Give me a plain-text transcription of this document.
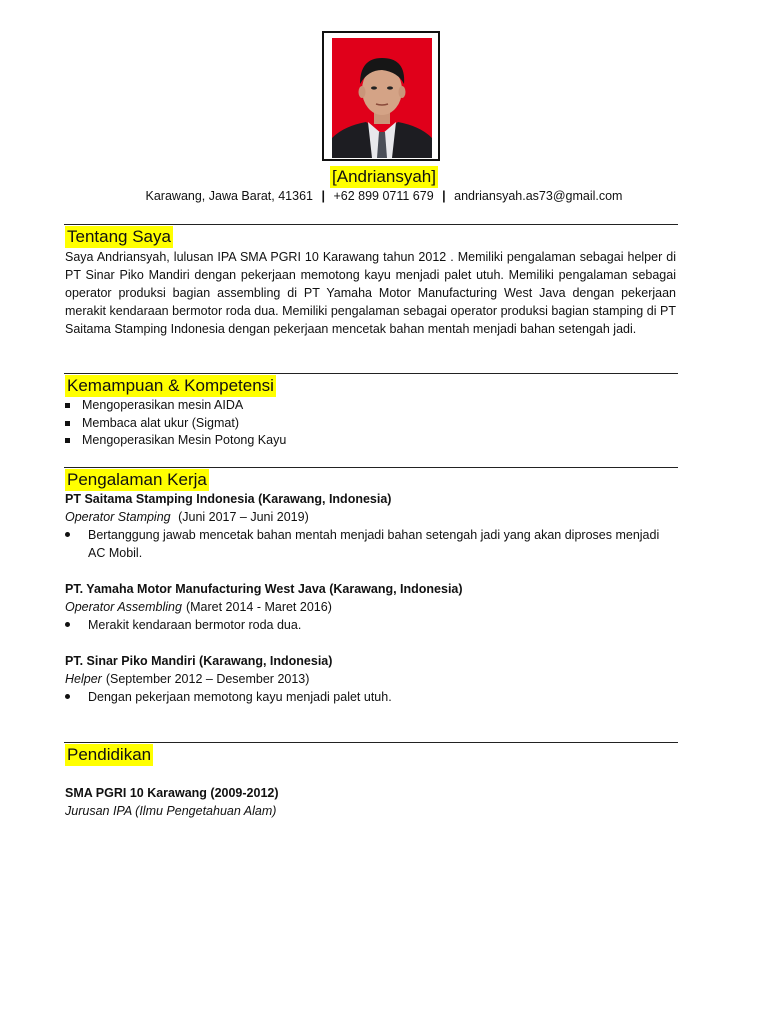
[Andriansyah]
Karawang, Jawa Barat, 41361 | +62 899 0711 679 | andriansyah.as73@gmail.com
Tentang Saya
Saya Andriansyah, lulusan IPA SMA PGRI 10 Karawang tahun 2012 . Memiliki pengalaman sebagai helper di PT Sinar Piko Mandiri dengan pekerjaan memotong kayu menjadi palet utuh. Memiliki pengalaman sebagai operator produksi bagian assembling di PT Yamaha Motor Manufacturing West Java dengan pekerjaan merakit kendaraan bermotor roda dua. Memiliki pengalaman sebagai operator produksi bagian stamping di PT Saitama Stamping Indonesia dengan pekerjaan mencetak bahan mentah menjadi bahan setengah jadi.
Kemampuan & Kompetensi
Mengoperasikan mesin AIDA
Membaca alat ukur (Sigmat)
Mengoperasikan Mesin Potong Kayu
Pengalaman Kerja
PT Saitama Stamping Indonesia (Karawang, Indonesia)
Operator Stamping (Juni 2017 – Juni 2019)
Bertanggung jawab mencetak bahan mentah menjadi bahan setengah jadi yang akan diproses menjadi AC Mobil.
PT. Yamaha Motor Manufacturing West Java (Karawang, Indonesia)
Operator Assembling (Maret 2014 - Maret 2016)
Merakit kendaraan bermotor roda dua.
PT. Sinar Piko Mandiri (Karawang, Indonesia)
Helper (September 2012 – Desember 2013)
Dengan pekerjaan memotong kayu menjadi palet utuh.
Pendidikan
SMA PGRI 10 Karawang (2009-2012)
Jurusan IPA (Ilmu Pengetahuan Alam)
